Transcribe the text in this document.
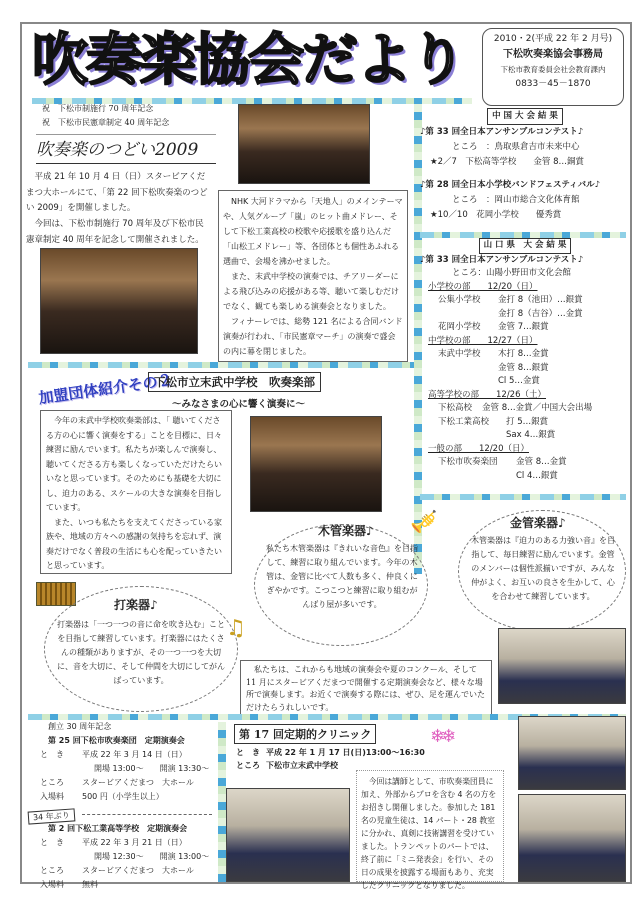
吹奏楽協会だより	2010・2(平成 22 年 2 月号)
下松吹奏楽協会事務局
下松市教育委員会社会教育課内
0833－45－1870
祝　下松市制施行 70 周年記念
祝　下松市民憲章制定 40 周年記念
吹奏楽のつどい2009
平成 21 年 10 月 4 日（日）スタービアくだまつ大ホールにて、「第 22 回下松吹奏楽のつどい 2009」を開催しました。
今回は、下松市制施行 70 周年及び下松市民憲章制定 40 周年を記念して開催されました。
NHK 大河ドラマから「天地人」のメインテーマや、人気グループ「嵐」のヒット曲メドレー、そして下松工業高校の校歌や応援歌を盛り込んだ「山松工メドレー」等、各団体とも個性あふれる選曲で、会場を沸かせました。
また、末武中学校の演奏では、チアリーダーによる飛び込みの応援がある等、聴いて楽しむだけでなく、観ても楽しめる演奏会となりました。
フィナーレでは、総勢 121 名による合同バンド演奏が行われ、「市民憲章マーチ」の演奏で盛会の内に幕を閉じました。
中 国 大 会 結 果
♪第 33 回全日本アンサンブルコンテスト♪
ところ　：鳥取県倉吉市未来中心
★2／7　下松高等学校　　金管 8…銅賞
♪第 28 回全日本小学校バンドフェスティバル♪
ところ　：岡山市総合文化体育館
★10／10　花岡小学校　　優秀賞
山 口 県　大 会 結 果
♪第 33 回全日本アンサンブルコンテスト♪
ところ：山陽小野田市文化会館
小学校の部　　12/20（日）
公集小学校	金打 8（池田）…銀賞
金打 8（吉谷）…金賞
花岡小学校	金管 7…銀賞
中学校の部　　12/27（日）
末武中学校	木打 8…金賞
金管 8…銀賞
Cl 5…金賞
高等学校の部　　12/26（土）
下松高校	金管 8…金賞／中国大会出場
下松工業高校	打 5…銀賞
Sax 4…銀賞
一般の部　　12/20（日）
下松市吹奏楽団	金管 8…金賞
Cl 4…銀賞
加盟団体紹介その２
下松市立末武中学校　吹奏楽部
～みなさまの心に響く演奏に～
今年の末武中学校吹奏楽部は、「 聴いてくださる方の心に響く演奏をする」ことを目標に、日々練習に励んでいます。私たちが楽しんで演奏し、聴いてくださる方も楽しくなっていただけたらいいなと思っています。そのためにも基礎を大切にし、迫力のある、スケールの大きな演奏を目指しています。
また、いつも私たちを支えてくださっている家族や、地域の方々への感謝の気持ちを忘れず、演奏だけでなく普段の生活にも心を配っていきたいと思っています。
木管楽器♪
私たち木管楽器は『きれいな音色』を目指して、練習に取り組んでいます。今年の木管は、金管に比べて人数も多く、仲良くにぎやかです。こつこつと練習に取り組むがんばり屋が多いです。
🎺	金管楽器♪
木管楽器は『迫力のある力強い音』を目指して、毎日練習に励んでいます。金管のメンバーは個性派揃いですが、みんな仲がよく、お互いの良さを生かして、心を合わせて練習しています。
打楽器♪
打楽器は「一つ一つの音に命を吹き込む」ことを目指して練習しています。打楽器にはたくさんの種類がありますが、その一つ一つを大切に、音を大切に、そして仲間を大切にしてがんばっています。
♫
私たちは、これからも地域の演奏会や夏のコンクール、そして 11 月にスタービアくだまつで開催する定期演奏会など、様々な場所で演奏します。お近くで演奏する際には、ぜひ、足を運んでいただけたらうれしいです。
創立 30 周年記念
第 25 回下松市吹奏楽団　定期演奏会
と　き	平成 22 年 3 月 14 日（日）
開場 13:00～　　開演 13:30～
ところ	スタービアくだまつ　大ホール
入場料	500 円（小学生以上）
34 年ぶり
第 2 回下松工業高等学校　定期演奏会
と　き	平成 22 年 3 月 21 日（日）
開場 12:30～　　開演 13:00～
ところ	スタービアくだまつ　大ホール
入場料	無料
第 17 回定期的クリニック	❄❄
と　き 平成 22 年 1 月 17 日(日)13:00～16:30
ところ 下松市立末武中学校
今回は講師として、市吹奏楽団員に加え、外部からプロを含む 4 名の方をお招きし開催しました。参加した 181 名の児童生徒は、14 パート・28 教室に分かれ、真剣に技術講習を受けていました。トランペットのパートでは、終了前に「ミニ発表会」を行い、その日の成果を披露する場面もあり、充実したクリニックとなりました。
